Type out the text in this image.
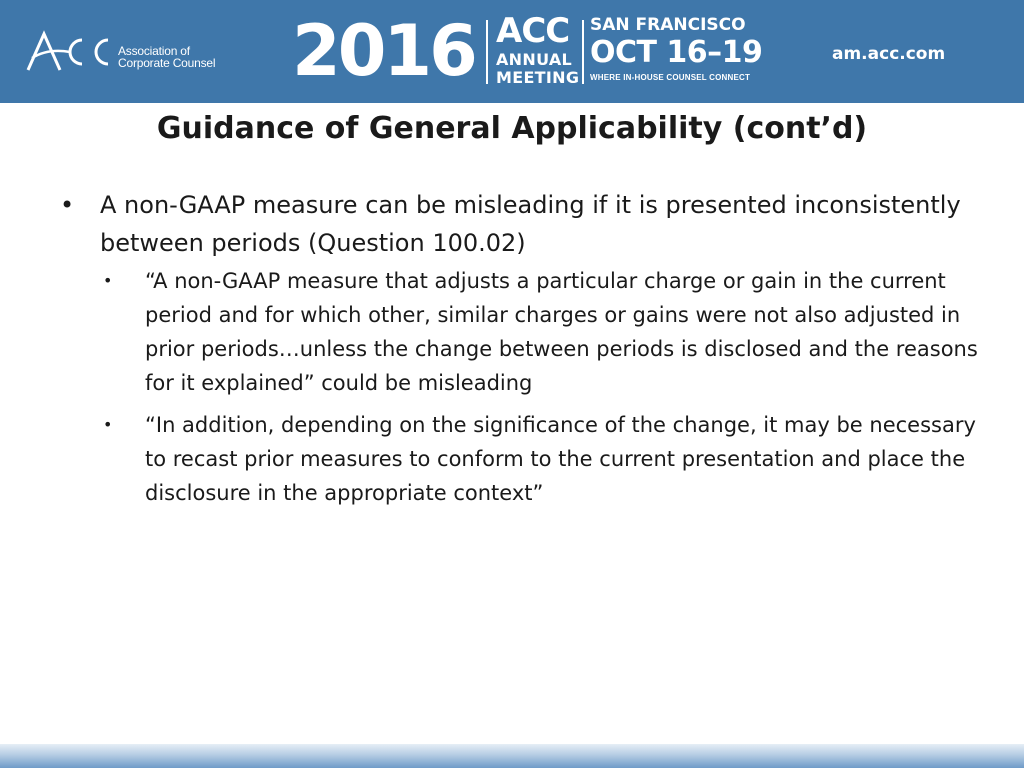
Association of
Corporate Counsel 2016 ACC
ANNUAL
MEETING
SAN FRANCISCO
OCT 16–19
WHERE IN-HOUSE COUNSEL CONNECT
am.acc.com
Guidance of General Applicability (cont’d)
• A non-GAAP measure can be misleading if it is presented inconsistently between periods (Question 100.02)
• “A non-GAAP measure that adjusts a particular charge or gain in the current period and for which other, similar charges or gains were not also adjusted in prior periods…unless the change between periods is disclosed and the reasons for it explained” could be misleading
• “In addition, depending on the significance of the change, it may be necessary to recast prior measures to conform to the current presentation and place the disclosure in the appropriate context”
